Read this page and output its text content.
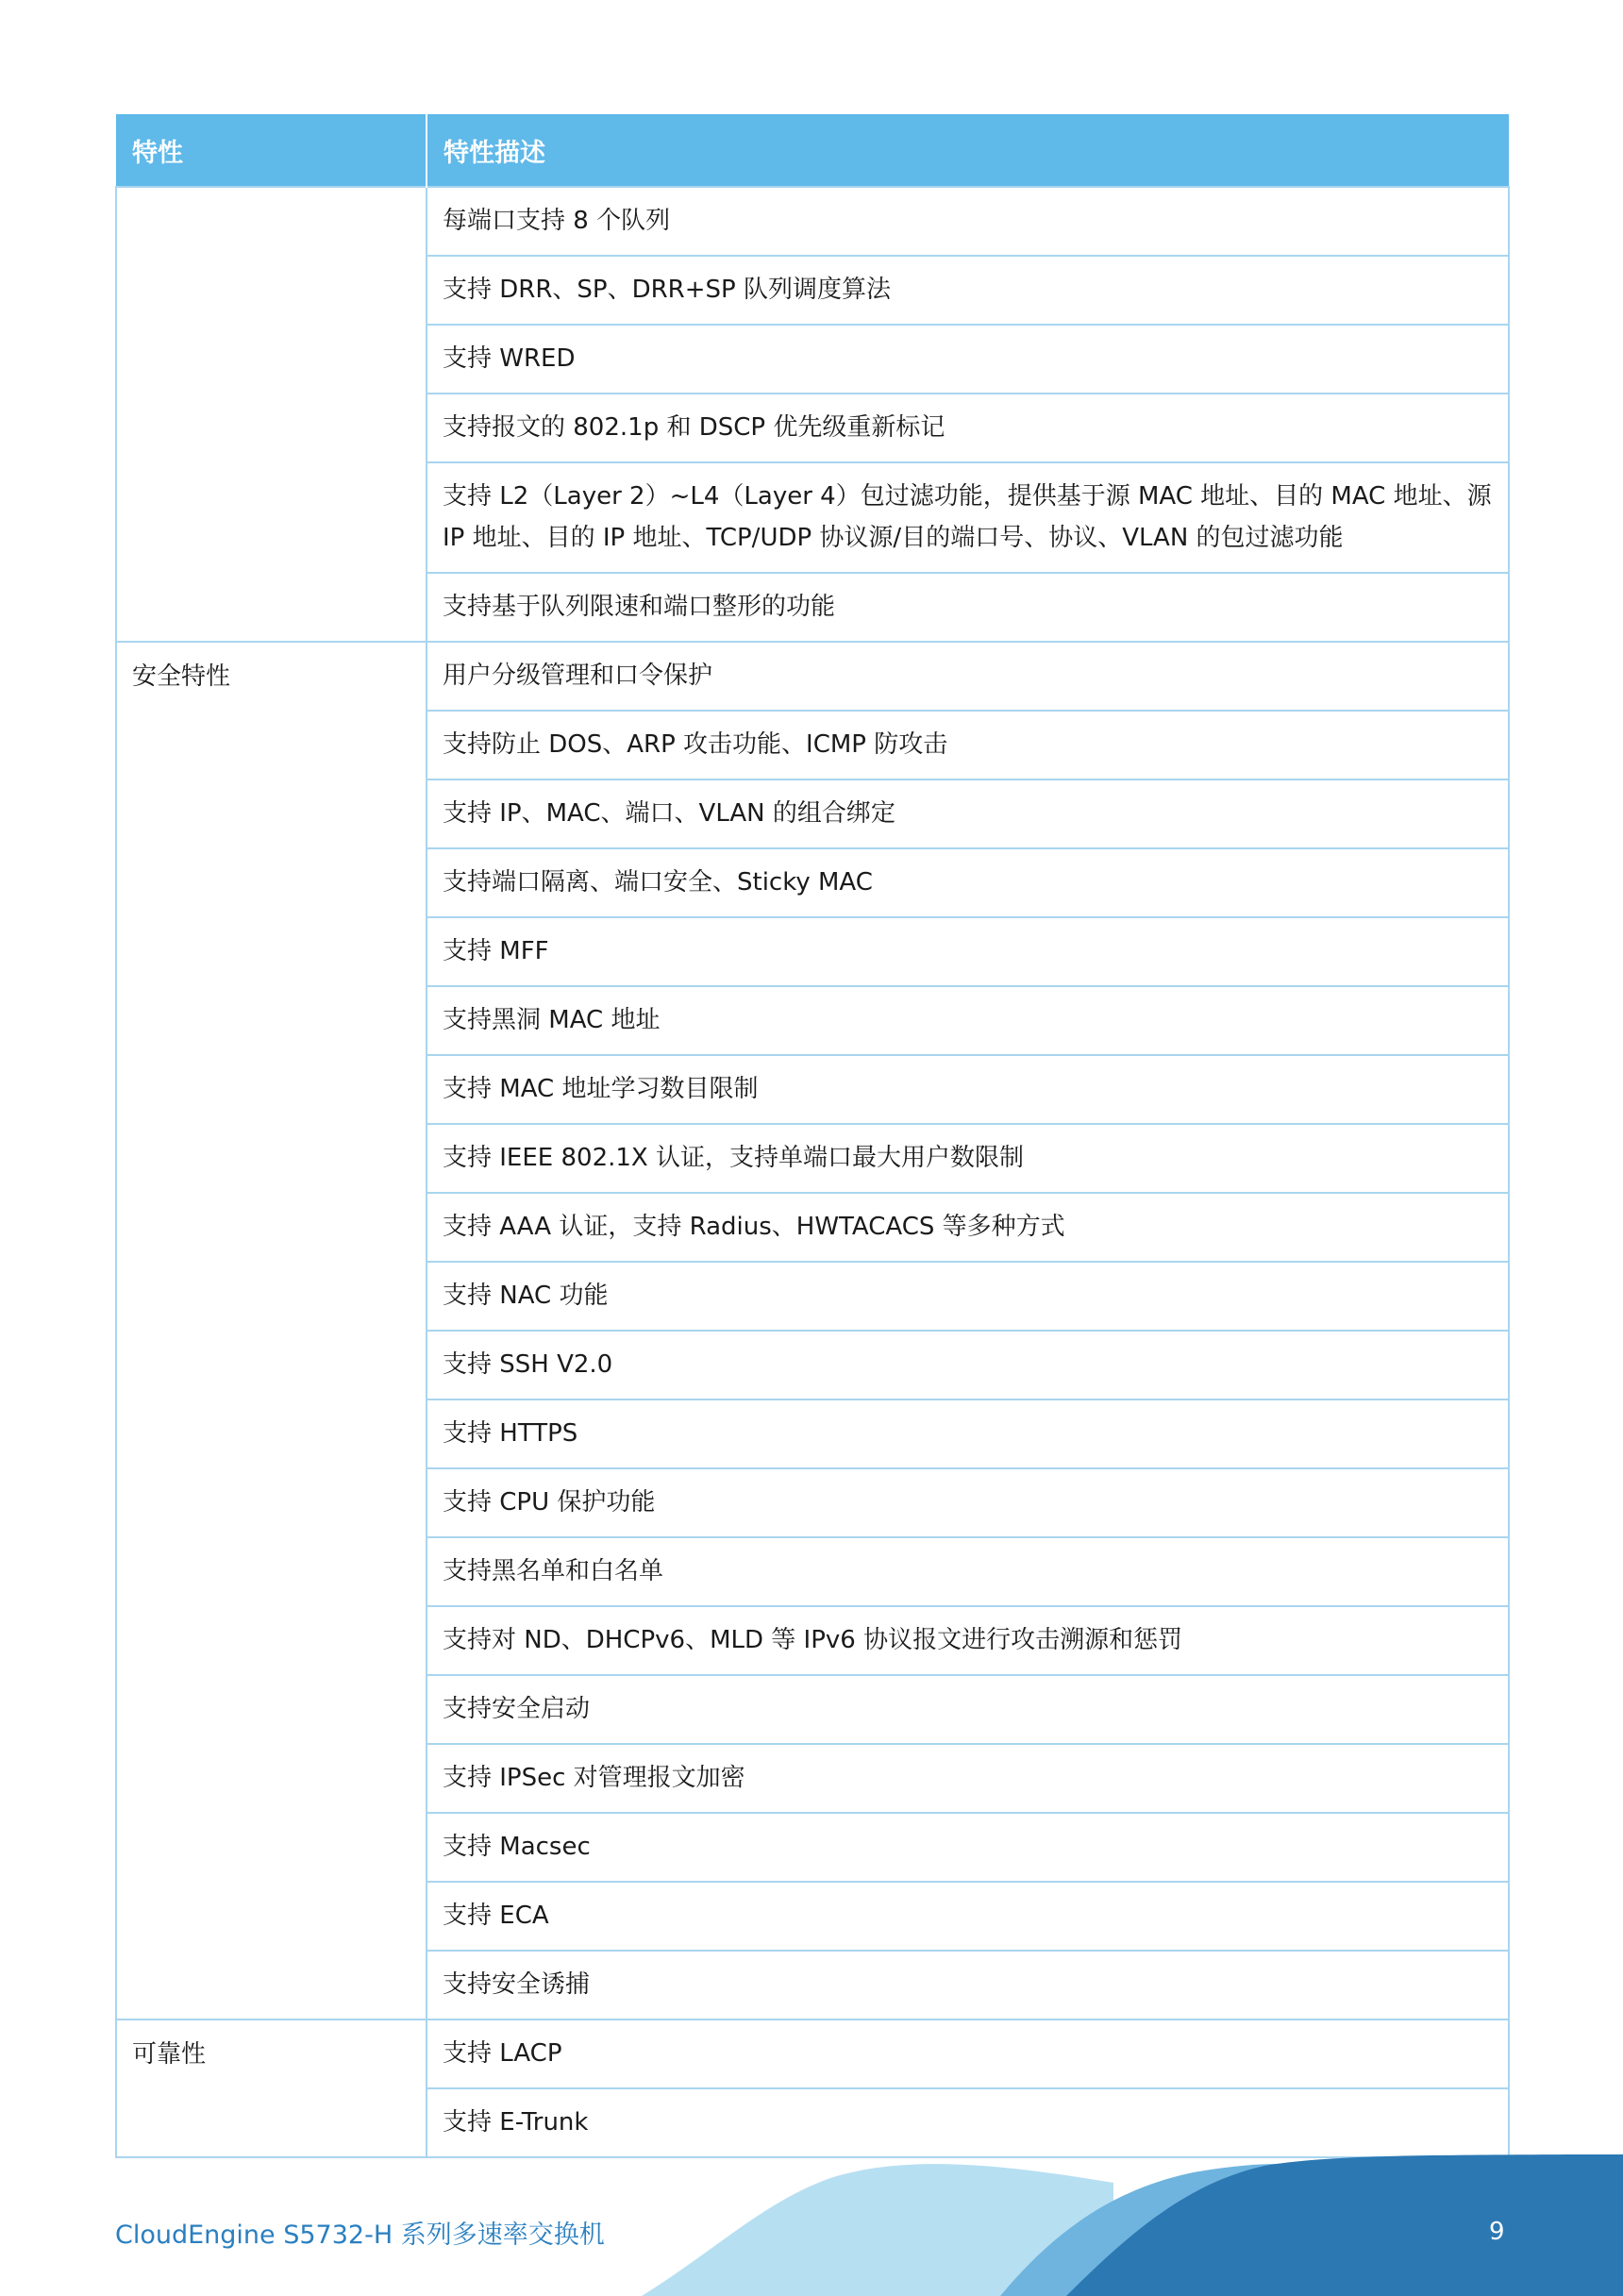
特性	特性描述
	每端口支持 8 个队列
	支持 DRR、SP、DRR+SP 队列调度算法
	支持 WRED
	支持报文的 802.1p 和 DSCP 优先级重新标记
	支持 L2（Layer 2）~L4（Layer 4）包过滤功能，提供基于源 MAC 地址、目的 MAC 地址、源 IP 地址、目的 IP 地址、TCP/UDP 协议源/目的端口号、协议、VLAN 的包过滤功能
	支持基于队列限速和端口整形的功能
安全特性	用户分级管理和口令保护
	支持防止 DOS、ARP 攻击功能、ICMP 防攻击
	支持 IP、MAC、端口、VLAN 的组合绑定
	支持端口隔离、端口安全、Sticky MAC
	支持 MFF
	支持黑洞 MAC 地址
	支持 MAC 地址学习数目限制
	支持 IEEE 802.1X 认证，支持单端口最大用户数限制
	支持 AAA 认证，支持 Radius、HWTACACS 等多种方式
	支持 NAC 功能
	支持 SSH V2.0
	支持 HTTPS
	支持 CPU 保护功能
	支持黑名单和白名单
	支持对 ND、DHCPv6、MLD 等 IPv6 协议报文进行攻击溯源和惩罚
	支持安全启动
	支持 IPSec 对管理报文加密
	支持 Macsec
	支持 ECA
	支持安全诱捕
可靠性	支持 LACP
	支持 E-Trunk
CloudEngine S5732-H 系列多速率交换机	9
